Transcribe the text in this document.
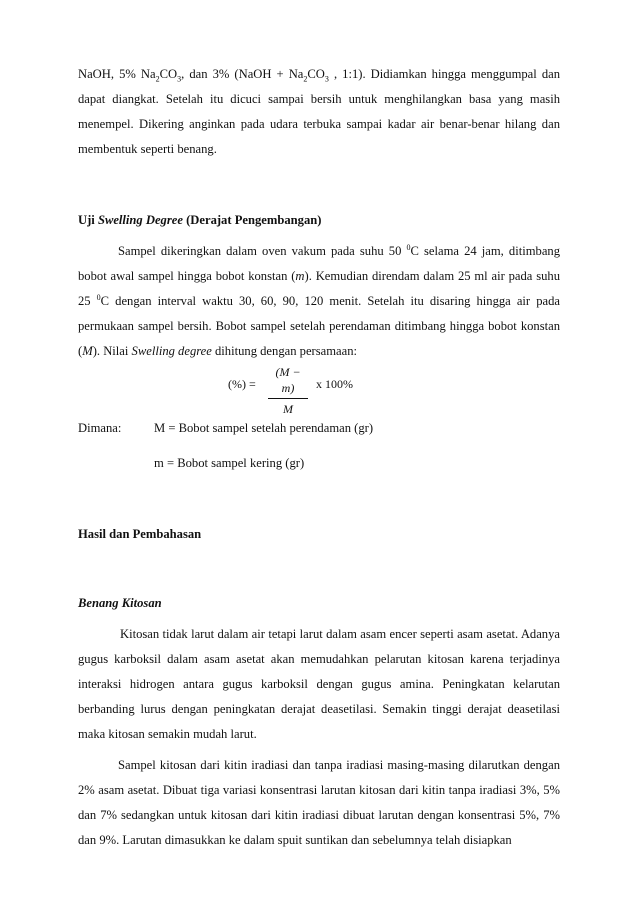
NaOH, 5% $Na_2CO_3$, dan 3% (NaOH + $Na_2CO_3$ , 1:1). Didiamkan hingga menggumpal dan dapat diangkat. Setelah itu dicuci sampai bersih untuk menghilangkan basa yang masih menempel. Dikering anginkan pada udara terbuka sampai kadar air benar-benar hilang dan membentuk seperti benang.

Uji Swelling Degree (Derajat Pengembangan)

Sampel dikeringkan dalam oven vakum pada suhu 50 $^0$C selama 24 jam, ditimbang bobot awal sampel hingga bobot konstan (m). Kemudian direndam dalam 25 ml air pada suhu 25 $^0$C dengan interval waktu 30, 60, 90, 120 menit. Setelah itu disaring hingga air pada permukaan sampel bersih. Bobot sampel setelah perendaman ditimbang hingga bobot konstan (M). Nilai Swelling degree dihitung dengan persamaan:

(%) =
(M − m)
M
x 100%
Dimana:	M = Bobot sampel setelah perendaman (gr)
m = Bobot sampel kering (gr)
Hasil dan Pembahasan
Benang Kitosan

Kitosan tidak larut dalam air tetapi larut dalam asam encer seperti asam asetat. Adanya gugus karboksil dalam asam asetat akan memudahkan pelarutan kitosan karena terjadinya interaksi hidrogen antara gugus karboksil dengan gugus amina. Peningkatan kelarutan berbanding lurus dengan peningkatan derajat deasetilasi. Semakin tinggi derajat deasetilasi maka kitosan semakin mudah larut.

Sampel kitosan dari kitin iradiasi dan tanpa iradiasi masing-masing dilarutkan dengan 2% asam asetat. Dibuat tiga variasi konsentrasi larutan kitosan dari kitin tanpa iradiasi 3%, 5% dan 7% sedangkan untuk kitosan dari kitin iradiasi dibuat larutan dengan konsentrasi 5%, 7% dan 9%. Larutan dimasukkan ke dalam spuit suntikan dan sebelumnya telah disiapkan
